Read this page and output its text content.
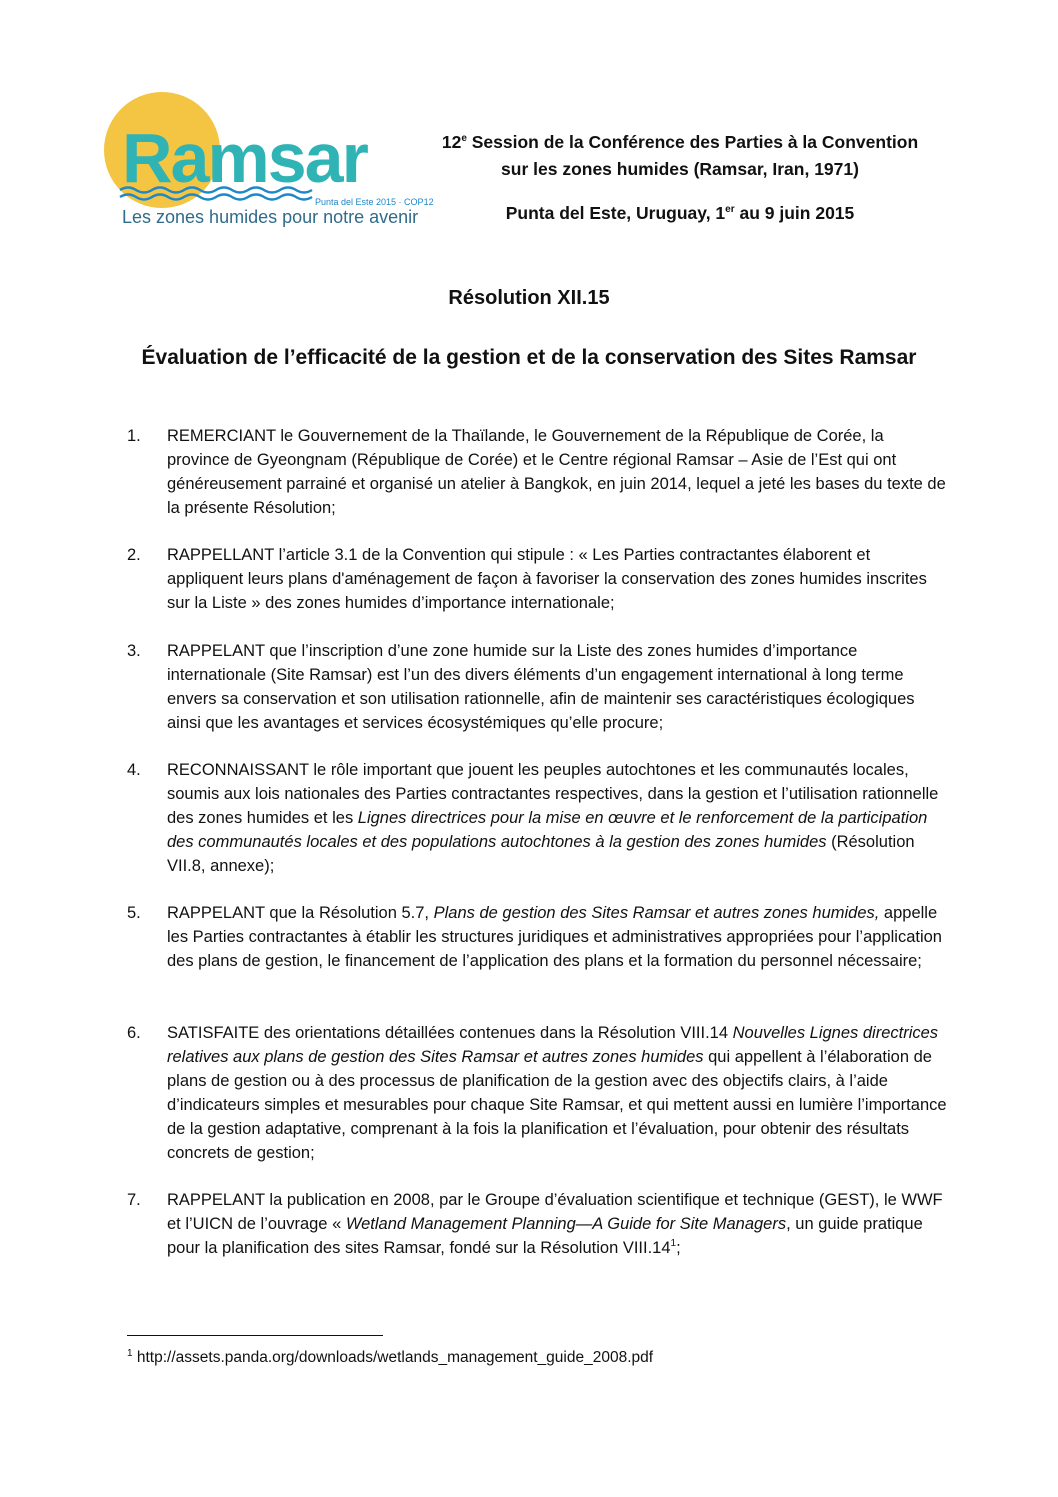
Ramsar
Punta del Este 2015 · COP12
Les zones humides pour notre avenir
12e Session de la Conférence des Parties à la Convention
sur les zones humides (Ramsar, Iran, 1971)
Punta del Este, Uruguay, 1er au 9 juin 2015
Résolution XII.15
Évaluation de l’efficacité de la gestion et de la conservation des Sites Ramsar
1. REMERCIANT le Gouvernement de la Thaïlande, le Gouvernement de la République de Corée, la province de Gyeongnam (République de Corée) et le Centre régional Ramsar – Asie de l’Est qui ont généreusement parrainé et organisé un atelier à Bangkok, en juin 2014, lequel a jeté les bases du texte de la présente Résolution;
2. RAPPELLANT l’article 3.1 de la Convention qui stipule : « Les Parties contractantes élaborent et appliquent leurs plans d'aménagement de façon à favoriser la conservation des zones humides inscrites sur la Liste » des zones humides d’importance internationale;
3. RAPPELANT que l’inscription d’une zone humide sur la Liste des zones humides d’importance internationale (Site Ramsar) est l’un des divers éléments d’un engagement international à long terme envers sa conservation et son utilisation rationnelle, afin de maintenir ses caractéristiques écologiques ainsi que les avantages et services écosystémiques qu’elle procure;
4. RECONNAISSANT le rôle important que jouent les peuples autochtones et les communautés locales, soumis aux lois nationales des Parties contractantes respectives, dans la gestion et l’utilisation rationnelle des zones humides et les Lignes directrices pour la mise en œuvre et le renforcement de la participation des communautés locales et des populations autochtones à la gestion des zones humides (Résolution VII.8, annexe);
5. RAPPELANT que la Résolution 5.7, Plans de gestion des Sites Ramsar et autres zones humides, appelle les Parties contractantes à établir les structures juridiques et administratives appropriées pour l’application des plans de gestion, le financement de l’application des plans et la formation du personnel nécessaire;
6. SATISFAITE des orientations détaillées contenues dans la Résolution VIII.14 Nouvelles Lignes directrices relatives aux plans de gestion des Sites Ramsar et autres zones humides qui appellent à l’élaboration de plans de gestion ou à des processus de planification de la gestion avec des objectifs clairs, à l’aide d’indicateurs simples et mesurables pour chaque Site Ramsar, et qui mettent aussi en lumière l’importance de la gestion adaptative, comprenant à la fois la planification et l’évaluation, pour obtenir des résultats concrets de gestion;
7. RAPPELANT la publication en 2008, par le Groupe d’évaluation scientifique et technique (GEST), le WWF et l’UICN de l’ouvrage « Wetland Management Planning—A Guide for Site Managers, un guide pratique pour la planification des sites Ramsar, fondé sur la Résolution $VIII.14^1$;
$^1$ http://assets.panda.org/downloads/wetlands_management_guide_2008.pdf
